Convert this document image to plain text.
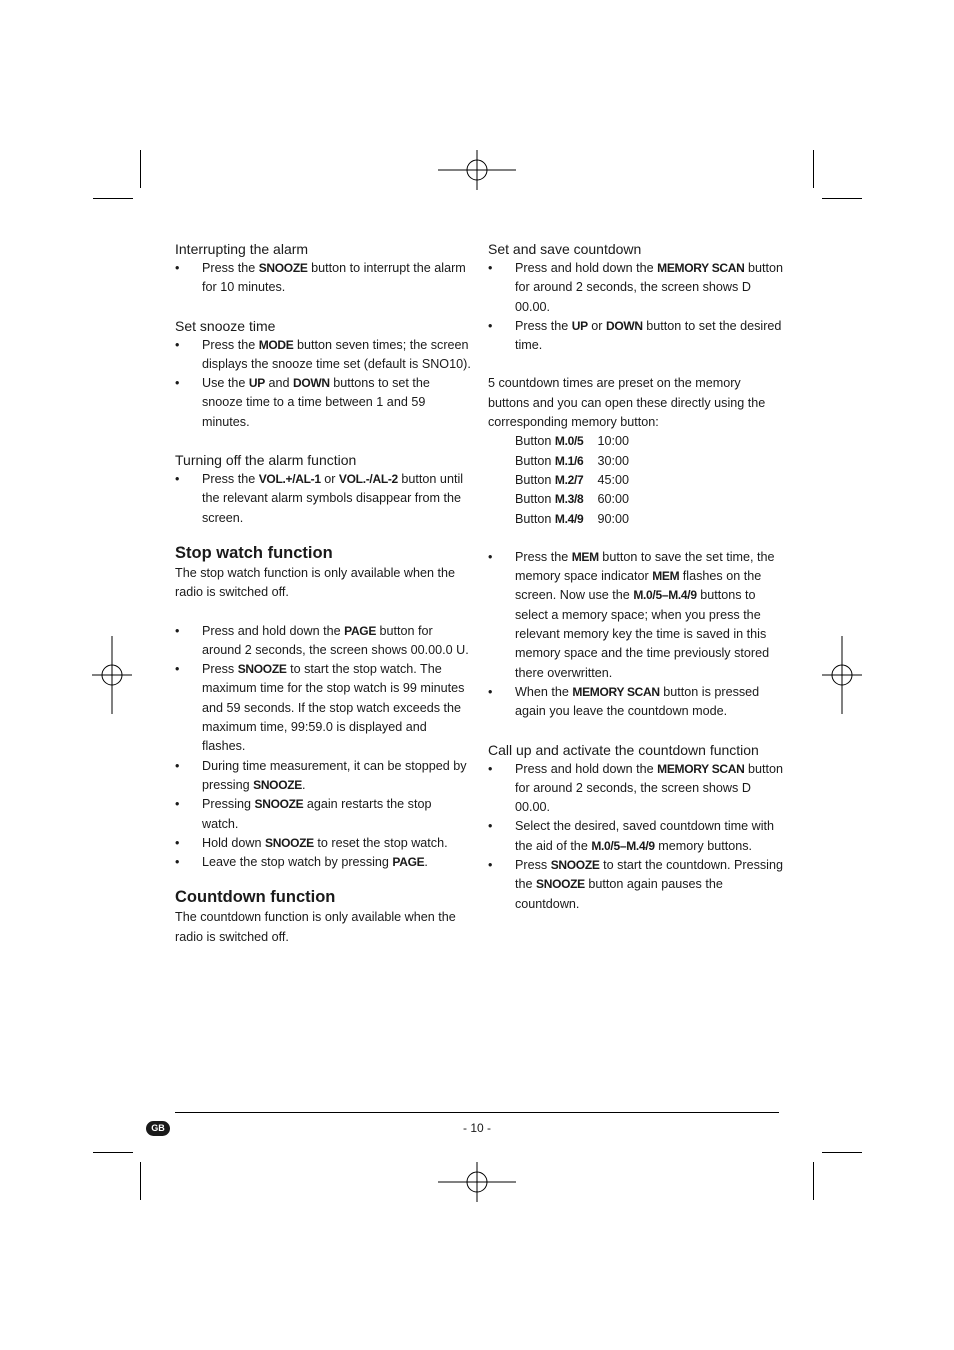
Interrupting the alarm
• Press the SNOOZE button to interrupt the alarm for 10 minutes.
Set snooze time
• Press the MODE button seven times; the screen displays the snooze time set (default is SNO10).
• Use the UP and DOWN buttons to set the snooze time to a time between 1 and 59 minutes.
Turning off the alarm function
• Press the VOL.+/AL-1 or VOL.-/AL-2 button until the relevant alarm symbols disappear from the screen.
Stop watch function

The stop watch function is only available when the radio is switched off.

• Press and hold down the PAGE button for around 2 seconds, the screen shows 00.00.0 U.
• Press SNOOZE to start the stop watch. The maximum time for the stop watch is 99 minutes and 59 seconds. If the stop watch exceeds the maximum time, 99:59.0 is displayed and flashes.
• During time measurement, it can be stopped by pressing SNOOZE.
• Pressing SNOOZE again restarts the stop watch.
• Hold down SNOOZE to reset the stop watch.
• Leave the stop watch by pressing PAGE.
Countdown function

The countdown function is only available when the radio is switched off.

Set and save countdown
• Press and hold down the MEMORY SCAN button for around 2 seconds, the screen shows D 00.00.
• Press the UP or DOWN button to set the desired time.

5 countdown times are preset on the memory buttons and you can open these directly using the corresponding memory button:

Button M.0/5	10:00
Button M.1/6	30:00
Button M.2/7	45:00
Button M.3/8	60:00
Button M.4/9	90:00
• Press the MEM button to save the set time, the memory space indicator MEM flashes on the screen. Now use the M.0/5–M.4/9 buttons to select a memory space; when you press the relevant memory key the time is saved in this memory space and the time previously stored there overwritten.
• When the MEMORY SCAN button is pressed again you leave the countdown mode.
Call up and activate the countdown function
• Press and hold down the MEMORY SCAN button for around 2 seconds, the screen shows D 00.00.
• Select the desired, saved countdown time with the aid of the M.0/5–M.4/9 memory buttons.
• Press SNOOZE to start the countdown. Pressing the SNOOZE button again pauses the countdown.
GB	- 10 -
